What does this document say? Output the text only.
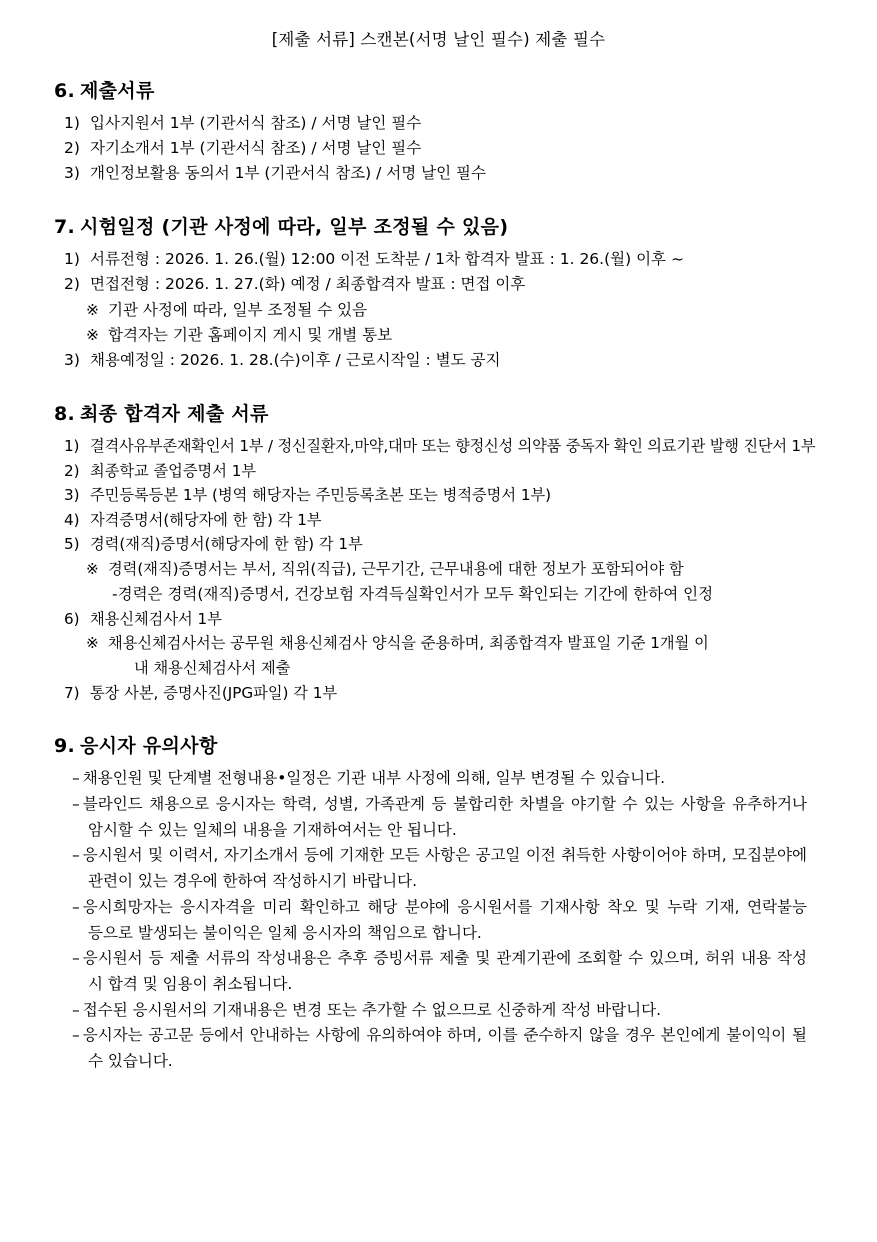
[제출 서류] 스캔본(서명 날인 필수) 제출 필수
6. 제출서류
1) 입사지원서 1부 (기관서식 참조) / 서명 날인 필수
2) 자기소개서 1부 (기관서식 참조) / 서명 날인 필수
3) 개인정보활용 동의서 1부 (기관서식 참조) / 서명 날인 필수
7. 시험일정 (기관 사정에 따라, 일부 조정될 수 있음)
1) 서류전형 : 2026. 1. 26.(월) 12:00 이전 도착분 / 1차 합격자 발표 : 1. 26.(월) 이후 ~
2) 면접전형 : 2026. 1. 27.(화) 예정 / 최종합격자 발표 : 면접 이후
※ 기관 사정에 따라, 일부 조정될 수 있음
※ 합격자는 기관 홈페이지 게시 및 개별 통보
3) 채용예정일 : 2026. 1. 28.(수)이후 / 근로시작일 : 별도 공지
8. 최종 합격자 제출 서류
1) 결격사유부존재확인서 1부 / 정신질환자,마약,대마 또는 향정신성 의약품 중독자 확인 의료기관 발행 진단서 1부
2) 최종학교 졸업증명서 1부
3) 주민등록등본 1부 (병역 해당자는 주민등록초본 또는 병적증명서 1부)
4) 자격증명서(해당자에 한 함) 각 1부
5) 경력(재직)증명서(해당자에 한 함) 각 1부
※ 경력(재직)증명서는 부서, 직위(직급), 근무기간, 근무내용에 대한 정보가 포함되어야 함
-경력은 경력(재직)증명서, 건강보험 자격득실확인서가 모두 확인되는 기간에 한하여 인정
6) 채용신체검사서 1부
※ 채용신체검사서는 공무원 채용신체검사 양식을 준용하며, 최종합격자 발표일 기준 1개월 이
내 채용신체검사서 제출
7) 통장 사본, 증명사진(JPG파일) 각 1부
9. 응시자 유의사항
– 채용인원 및 단계별 전형내용•일정은 기관 내부 사정에 의해, 일부 변경될 수 있습니다.
– 블라인드 채용으로 응시자는 학력, 성별, 가족관계 등 불합리한 차별을 야기할 수 있는 사항을 유추하거나 암시할 수 있는 일체의 내용을 기재하여서는 안 됩니다.
– 응시원서 및 이력서, 자기소개서 등에 기재한 모든 사항은 공고일 이전 취득한 사항이어야 하며, 모집분야에 관련이 있는 경우에 한하여 작성하시기 바랍니다.
– 응시희망자는 응시자격을 미리 확인하고 해당 분야에 응시원서를 기재사항 착오 및 누락 기재, 연락불능 등으로 발생되는 불이익은 일체 응시자의 책임으로 합니다.
– 응시원서 등 제출 서류의 작성내용은 추후 증빙서류 제출 및 관계기관에 조회할 수 있으며, 허위 내용 작성 시 합격 및 임용이 취소됩니다.
– 접수된 응시원서의 기재내용은 변경 또는 추가할 수 없으므로 신중하게 작성 바랍니다.
– 응시자는 공고문 등에서 안내하는 사항에 유의하여야 하며, 이를 준수하지 않을 경우 본인에게 불이익이 될 수 있습니다.
